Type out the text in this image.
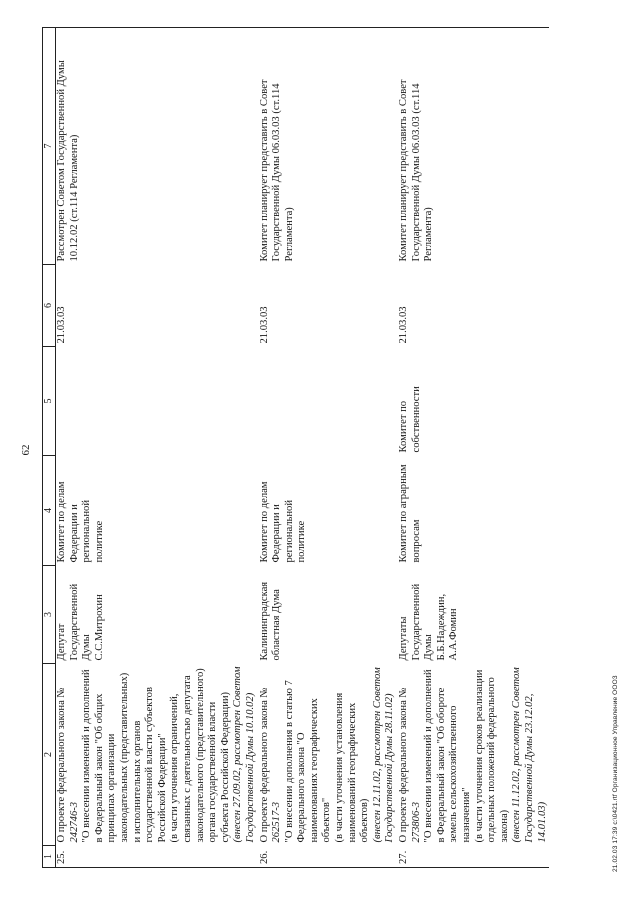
62
1	2	3	4	5	6	7
25.	О проекте федерального закона № 242746-3 "О внесении изменений и дополнений в Федеральный закон "Об общих принципах организации законодательных (представительных) и исполнительных органов государственной власти субъектов Российской Федерации" (в части уточнения ограничений, связанных с деятельностью депутата законодательного (представительного) органа государственной власти субъекта Российской Федерации) (внесен 27.09.02, рассмотрен Советом Государственной Думы 10.10.02)	Депутат Государственной Думы С.С.Митрохин	Комитет по делам Федерации и региональной политике		21.03.03	Рассмотрен Советом Государственной Думы 10.12.02 (ст.114 Регламента)
26.	О проекте федерального закона № 262517-3 "О внесении дополнения в статью 7 Федерального закона "О наименованиях географических объектов" (в части уточнения установления наименований географических объектов) (внесен 12.11.02, рассмотрен Советом Государственной Думы 28.11.02)	Калининградская областная Дума	Комитет по делам Федерации и региональной политике		21.03.03	Комитет планирует представить в Совет Государственной Думы 06.03.03 (ст.114 Регламента)
27.	О проекте федерального закона № 273806-3 "О внесении изменений и дополнений в Федеральный закон "Об обороте земель сельскохозяйственного назначения" (в части уточнения сроков реализации отдельных положений федерального закона) (внесен 11.12.02, рассмотрен Советом Государственной Думы 23.12.02, 14.01.03)	Депутаты Государственной Думы Б.Б.Надеждин, А.А.Фомин	Комитет по аграрным вопросам	Комитет по собственности	21.03.03	Комитет планирует представить в Совет Государственной Думы 06.03.03 (ст.114 Регламента)
21.02.03 17:39 с:\0421.rtf Организационное Управление ООО3
